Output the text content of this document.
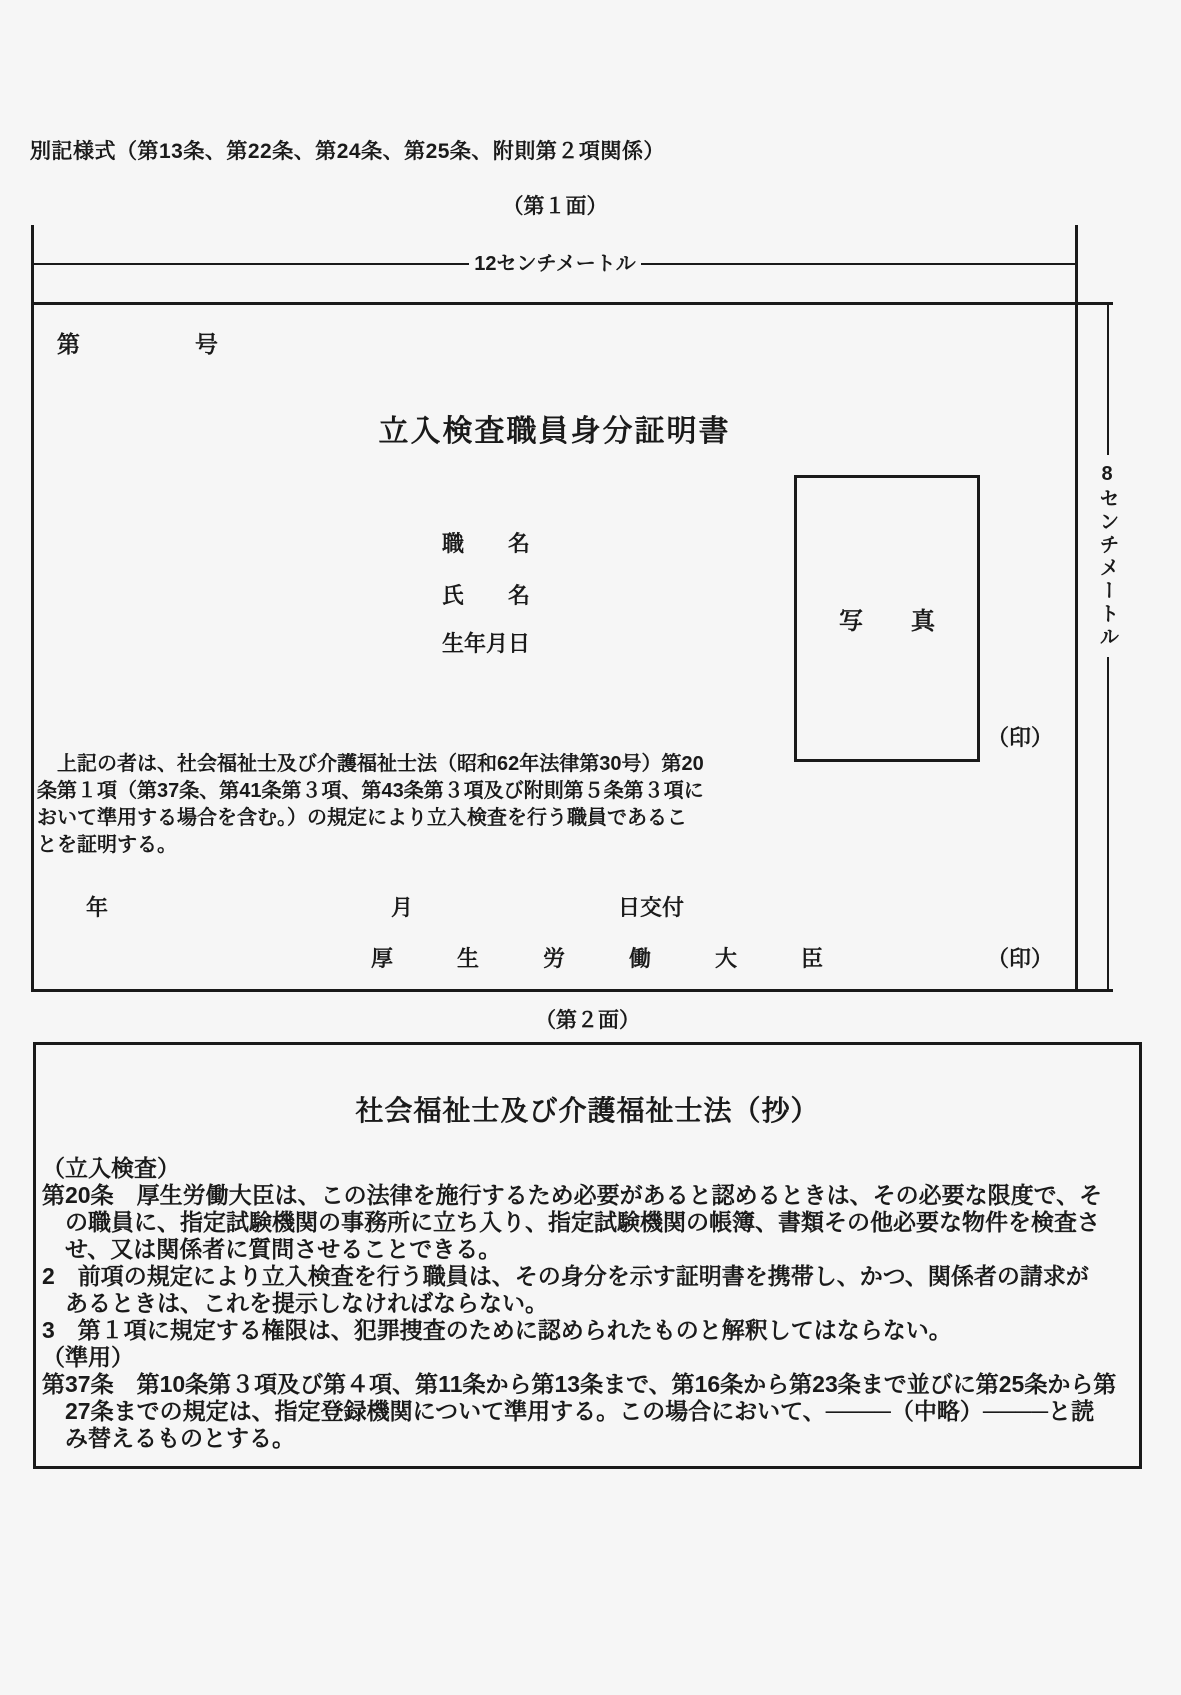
別記様式（第13条、第22条、第24条、第25条、附則第２項関係）
（第１面）
12センチメートル
第	号
立入検査職員身分証明書
職　　名
氏　　名
生年月日
写　　真
（印）
　上記の者は、社会福祉士及び介護福祉士法（昭和62年法律第30号）第20
条第１項（第37条、第41条第３項、第43条第３項及び附則第５条第３項に
おいて準用する場合を含む。）の規定により立入検査を行う職員であるこ
とを証明する。
年	月	日交付
厚生労働大臣	（印）
8センチメートル
（第２面）
社会福祉士及び介護福祉士法（抄）
（立入検査）
第20条　厚生労働大臣は、この法律を施行するため必要があると認めるときは、その必要な限度で、そ
　の職員に、指定試験機関の事務所に立ち入り、指定試験機関の帳簿、書類その他必要な物件を検査さ
　せ、又は関係者に質問させることできる。
2　前項の規定により立入検査を行う職員は、その身分を示す証明書を携帯し、かつ、関係者の請求が
　あるときは、これを提示しなければならない。
3　第１項に規定する権限は、犯罪捜査のために認められたものと解釈してはならない。
（準用）
第37条　第10条第３項及び第４項、第11条から第13条まで、第16条から第23条まで並びに第25条から第
　27条までの規定は、指定登録機関について準用する。この場合において、────（中略）────と読
　み替えるものとする。
